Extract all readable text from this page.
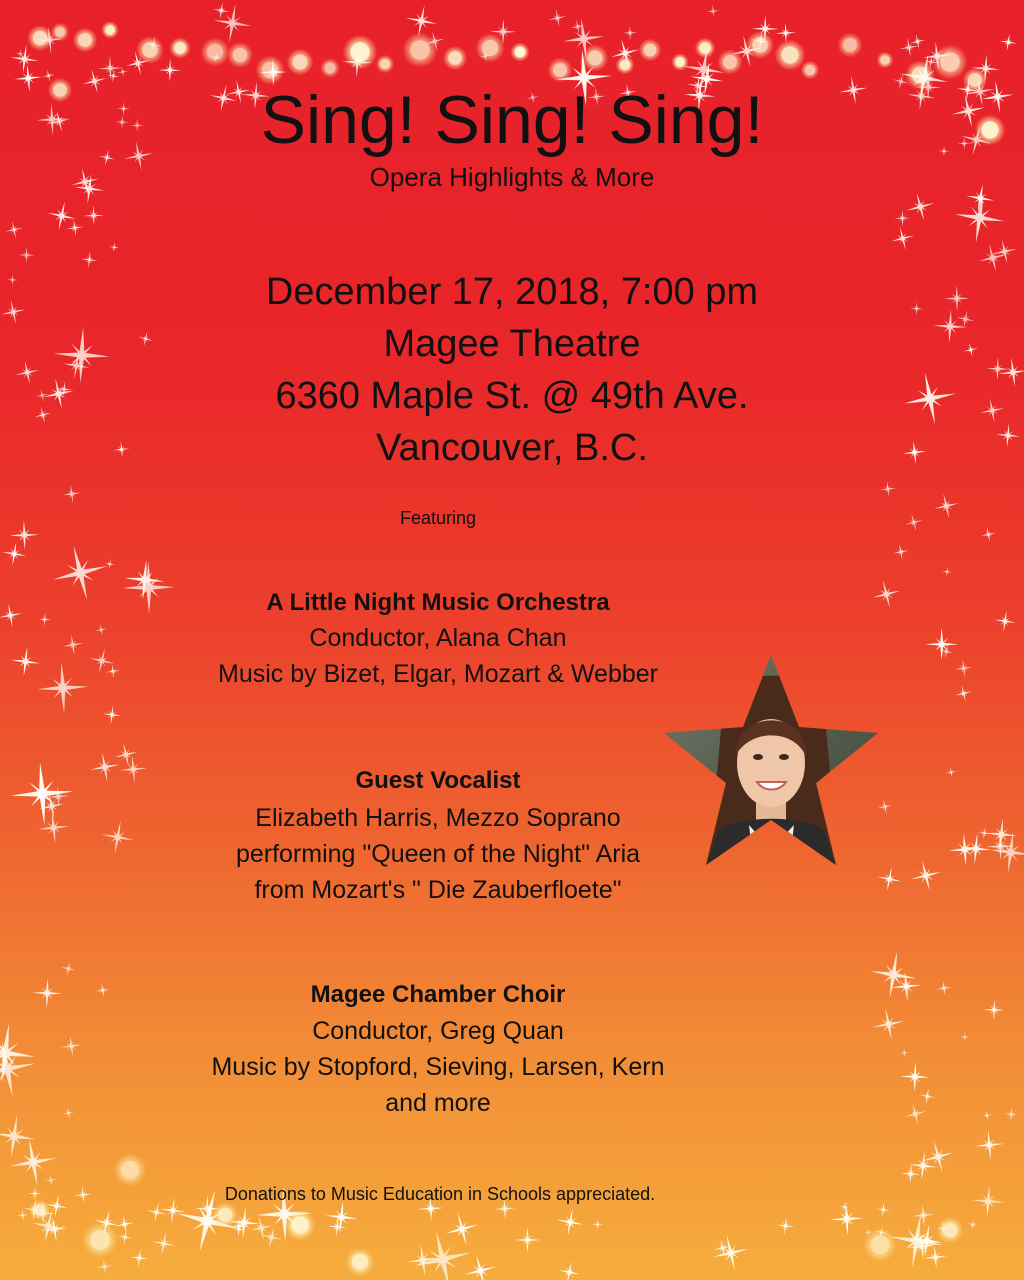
Sing! Sing! Sing!
Opera Highlights & More
December 17, 2018, 7:00 pm
Magee Theatre
6360 Maple St. @ 49th Ave.
Vancouver, B.C.
Featuring
A Little Night Music Orchestra
Conductor, Alana Chan
Music by Bizet, Elgar, Mozart & Webber
Guest Vocalist
Elizabeth Harris, Mezzo Soprano
performing "Queen of the Night" Aria
from Mozart's " Die Zauberfloete"
Magee Chamber Choir
Conductor, Greg Quan
Music by Stopford, Sieving, Larsen, Kern
and more
Donations to Music Education in Schools appreciated.
